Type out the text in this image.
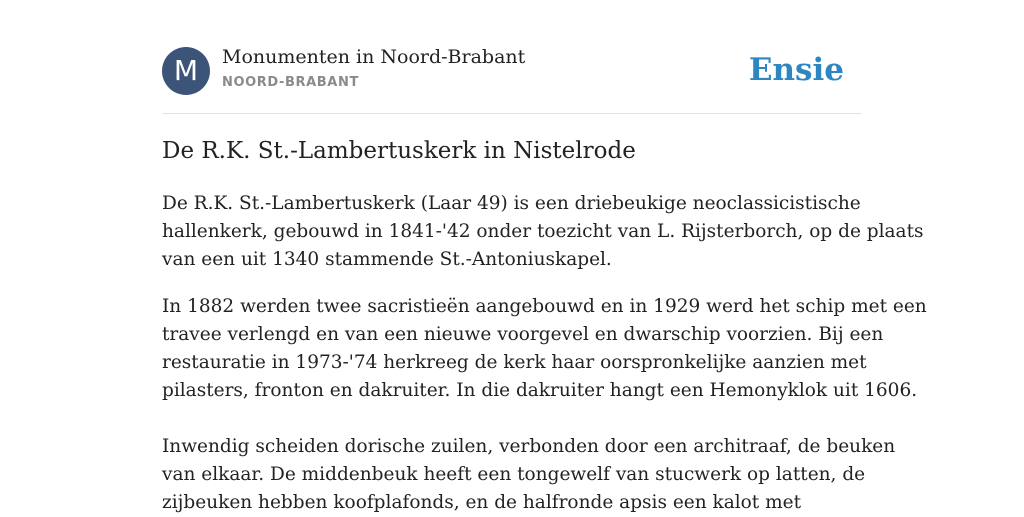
M	Monumenten in Noord-Brabant
NOORD-BRABANT	Ensie
De R.K. St.-Lambertuskerk in Nistelrode
De R.K. St.-Lambertuskerk (Laar 49) is een driebeukige neoclassicistische
hallenkerk, gebouwd in 1841-'42 onder toezicht van L. Rijsterborch, op de plaats
van een uit 1340 stammende St.-Antoniuskapel.
In 1882 werden twee sacristieën aangebouwd en in 1929 werd het schip met een
travee verlengd en van een nieuwe voorgevel en dwarschip voorzien. Bij een
restauratie in 1973-'74 herkreeg de kerk haar oorspronkelijke aanzien met
pilasters, fronton en dakruiter. In die dakruiter hangt een Hemonyklok uit 1606.
Inwendig scheiden dorische zuilen, verbonden door een architraaf, de beuken
van elkaar. De middenbeuk heeft een tongewelf van stucwerk op latten, de
zijbeuken hebben koofplafonds, en de halfronde apsis een kalot met
